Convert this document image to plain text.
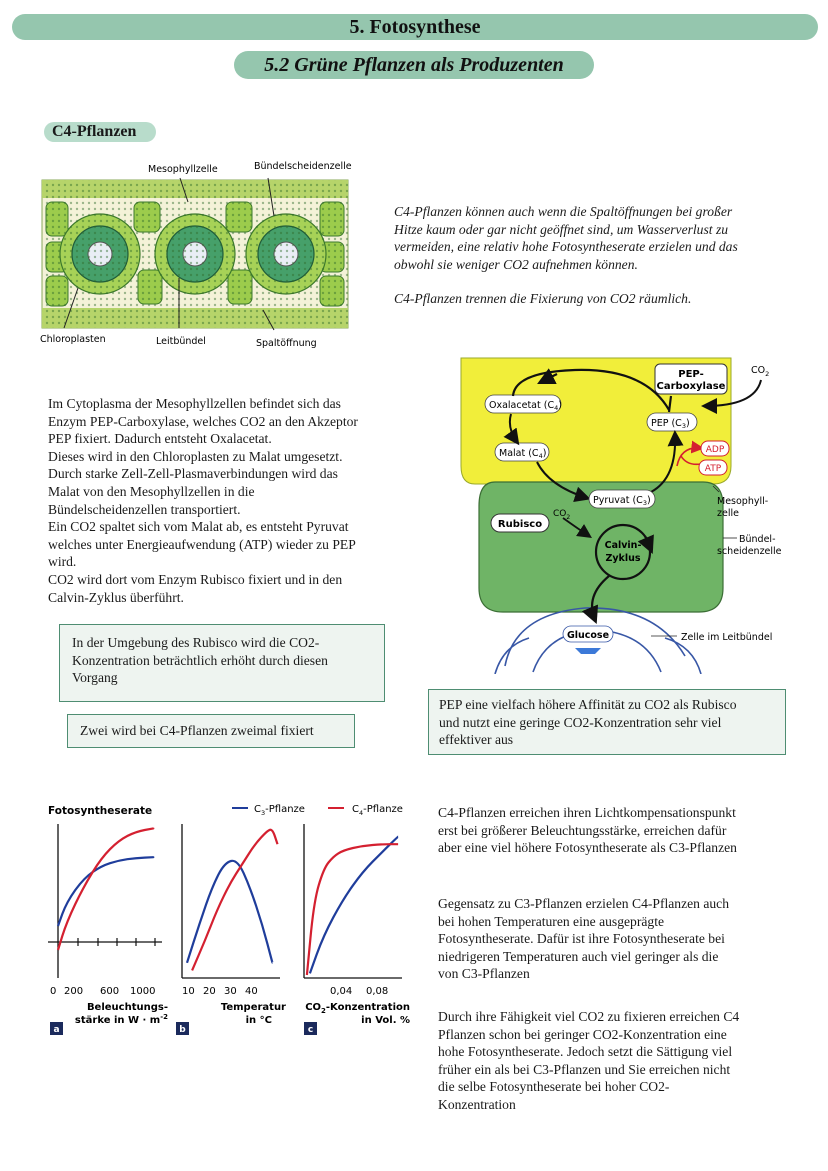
5. Fotosynthese
5.2 Grüne Pflanzen als Produzenten
C4-Pflanzen
Mesophyllzelle	Bündelscheidenzelle
Chloroplasten	Leitbündel	Spaltöffnung
C4-Pflanzen können auch wenn die Spaltöffnungen bei großer
Hitze kaum oder gar nicht geöffnet sind, um Wasserverlust zu
vermeiden, eine relativ hohe Fotosyntheserate erzielen und das
obwohl sie weniger CO2 aufnehmen können.
C4-Pflanzen trennen die Fixierung von CO2 räumlich.
Im Cytoplasma der Mesophyllzellen befindet sich das
Enzym PEP-Carboxylase, welches CO2 an den Akzeptor
PEP fixiert. Dadurch entsteht Oxalacetat.
Dieses wird in den Chloroplasten zu Malat umgesetzt.
Durch starke Zell-Zell-Plasmaverbindungen wird das
Malat von den Mesophyllzellen in die
Bündelscheidenzellen transportiert.
Ein CO2 spaltet sich vom Malat ab, es entsteht Pyruvat
welches unter Energieaufwendung (ATP) wieder zu PEP
wird.
CO2 wird dort vom Enzym Rubisco fixiert und in den
Calvin-Zyklus überführt.
PEP-
Carboxylase
$CO_2$
Oxalacetat $(C_4)$
Malat $(C_4)$
PEP $(C_3)$
ADP
ATP
Pyruvat $(C_3)$
Rubisco
$CO_2$
Calvin-
Zyklus
Glucose
Mesophyll-
zelle
Bündel-
scheidenzelle
Zelle im Leitbündel
In der Umgebung des Rubisco wird die CO2-
Konzentration beträchtlich erhöht durch diesen
Vorgang
Zwei wird bei C4-Pflanzen zweimal fixiert
PEP eine vielfach höhere Affinität zu CO2 als Rubisco
und nutzt eine geringe CO2-Konzentration sehr viel
effektiver aus
Fotosyntheserate	$C_3$-Pflanze	$C_4$-Pflanze
0 200 600 1000
Beleuchtungs-
stärke in $W \cdot m^{-2}$
a
10 20 30 40
Temperatur
in °C
b
0,04 0,08
$CO_2$-Konzentration
in Vol. %
c
C4-Pflanzen erreichen ihren Lichtkompensationspunkt
erst bei größerer Beleuchtungsstärke, erreichen dafür
aber eine viel höhere Fotosyntheserate als C3-Pflanzen
Gegensatz zu C3-Pflanzen erzielen C4-Pflanzen auch
bei hohen Temperaturen eine ausgeprägte
Fotosyntheserate. Dafür ist ihre Fotosyntheserate bei
niedrigeren Temperaturen auch viel geringer als die
von C3-Pflanzen
Durch ihre Fähigkeit viel CO2 zu fixieren erreichen C4
Pflanzen schon bei geringer CO2-Konzentration eine
hohe Fotosyntheserate. Jedoch setzt die Sättigung viel
früher ein als bei C3-Pflanzen und Sie erreichen nicht
die selbe Fotosyntheserate bei hoher CO2-
Konzentration
